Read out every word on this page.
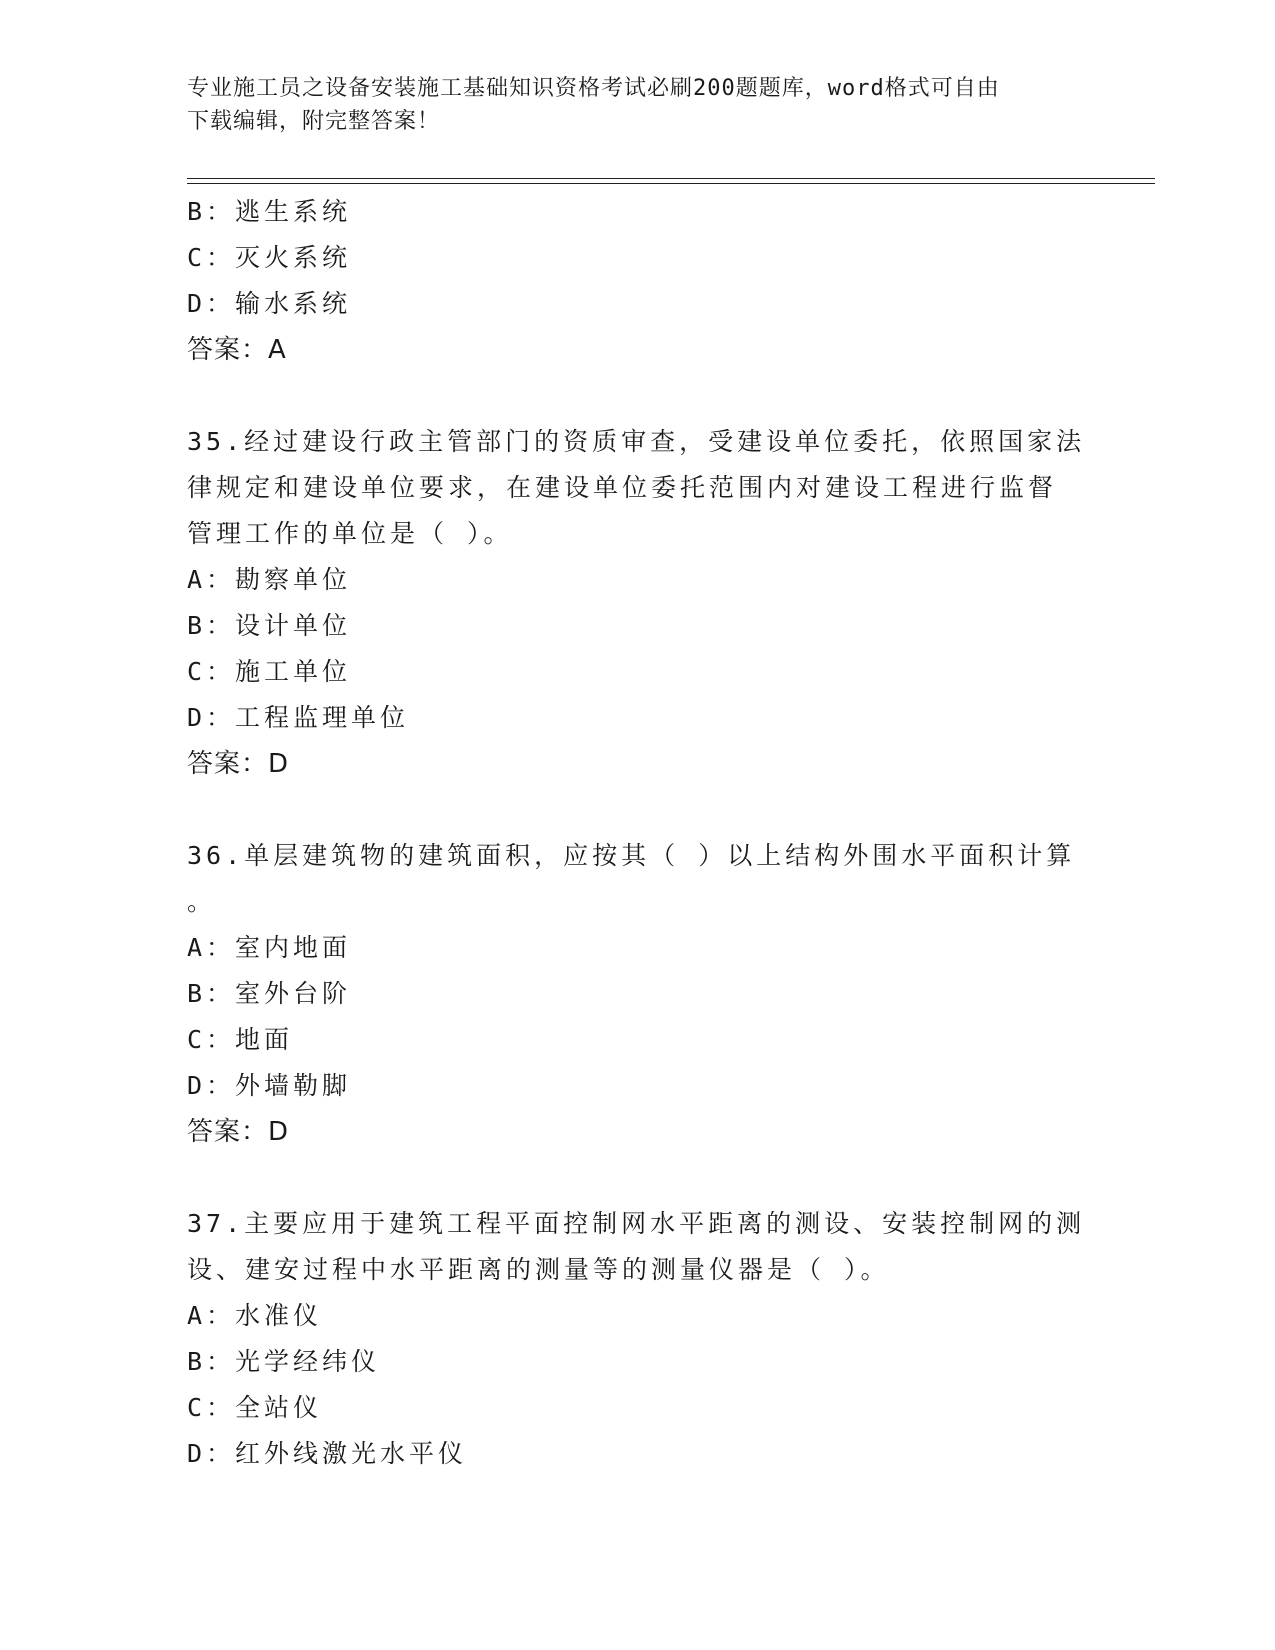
专业施工员之设备安装施工基础知识资格考试必刷200题题库，word格式可自由
下载编辑，附完整答案！
B：逃生系统
C：灭火系统
D：输水系统
答案：A
35.经过建设行政主管部门的资质审查，受建设单位委托，依照国家法
律规定和建设单位要求，在建设单位委托范围内对建设工程进行监督
管理工作的单位是（ ）。
A：勘察单位
B：设计单位
C：施工单位
D：工程监理单位
答案：D
36.单层建筑物的建筑面积，应按其（ ）以上结构外围水平面积计算
。
A：室内地面
B：室外台阶
C：地面
D：外墙勒脚
答案：D
37.主要应用于建筑工程平面控制网水平距离的测设、安装控制网的测
设、建安过程中水平距离的测量等的测量仪器是（ ）。
A：水准仪
B：光学经纬仪
C：全站仪
D：红外线激光水平仪
